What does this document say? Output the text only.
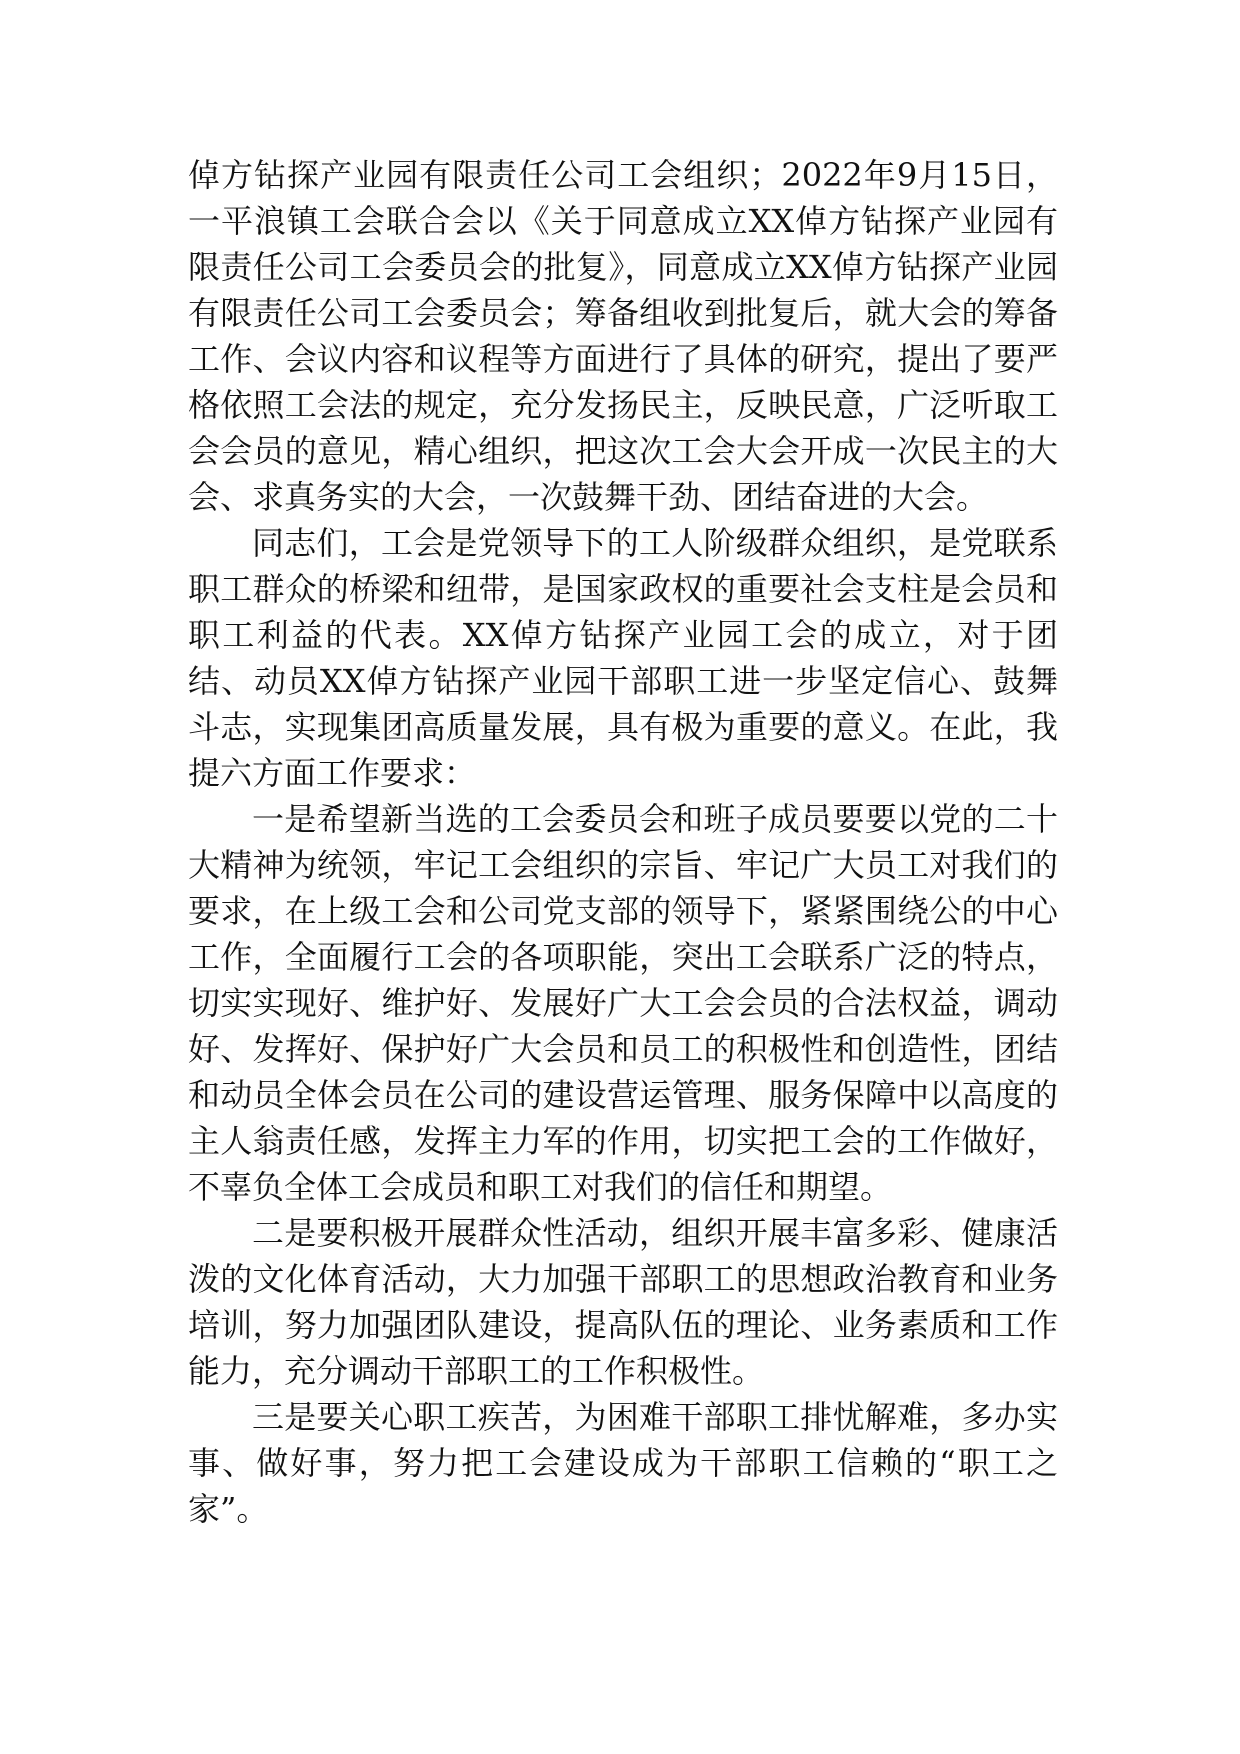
倬方钻探产业园有限责任公司工会组织；2022年9月15日，一平浪镇工会联合会以《关于同意成立XX倬方钻探产业园有限责任公司工会委员会的批复》，同意成立XX倬方钻探产业园有限责任公司工会委员会；筹备组收到批复后，就大会的筹备工作、会议内容和议程等方面进行了具体的研究，提出了要严格依照工会法的规定，充分发扬民主，反映民意，广泛听取工会会员的意见，精心组织，把这次工会大会开成一次民主的大会、求真务实的大会，一次鼓舞干劲、团结奋进的大会。

同志们，工会是党领导下的工人阶级群众组织，是党联系职工群众的桥梁和纽带，是国家政权的重要社会支柱是会员和职工利益的代表。XX倬方钻探产业园工会的成立，对于团结、动员XX倬方钻探产业园干部职工进一步坚定信心、鼓舞斗志，实现集团高质量发展，具有极为重要的意义。在此，我提六方面工作要求：

一是希望新当选的工会委员会和班子成员要要以党的二十大精神为统领，牢记工会组织的宗旨、牢记广大员工对我们的要求，在上级工会和公司党支部的领导下，紧紧围绕公的中心工作，全面履行工会的各项职能，突出工会联系广泛的特点，切实实现好、维护好、发展好广大工会会员的合法权益，调动好、发挥好、保护好广大会员和员工的积极性和创造性，团结和动员全体会员在公司的建设营运管理、服务保障中以高度的主人翁责任感，发挥主力军的作用，切实把工会的工作做好，不辜负全体工会成员和职工对我们的信任和期望。

二是要积极开展群众性活动，组织开展丰富多彩、健康活泼的文化体育活动，大力加强干部职工的思想政治教育和业务培训，努力加强团队建设，提高队伍的理论、业务素质和工作能力，充分调动干部职工的工作积极性。

三是要关心职工疾苦，为困难干部职工排忧解难，多办实事、做好事，努力把工会建设成为干部职工信赖的“职工之家”。
